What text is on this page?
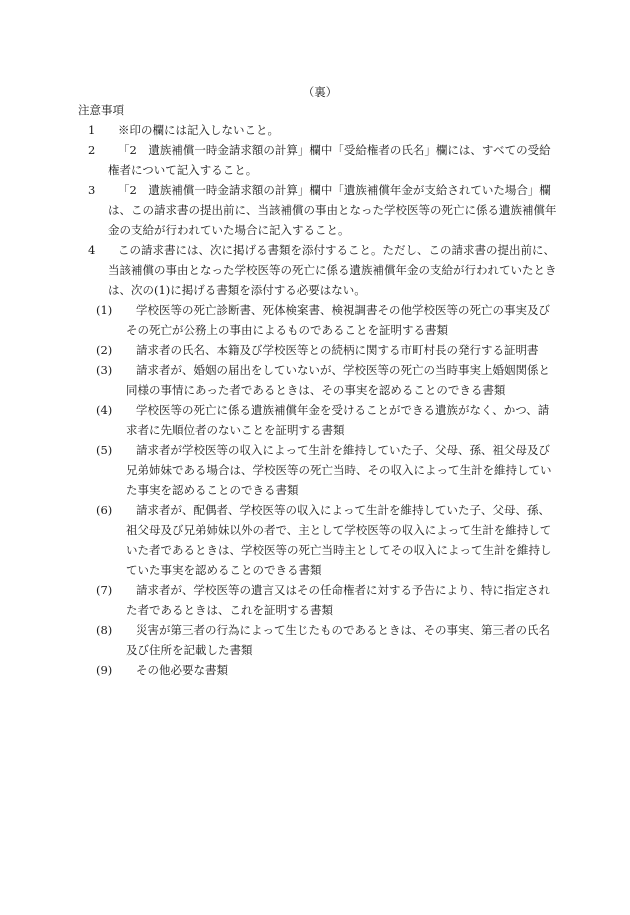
（裏）
注意事項
1	※印の欄には記入しないこと。
2	「2　遺族補償一時金請求額の計算」欄中「受給権者の氏名」欄には、すべての受給権者について記入すること。
3	「2　遺族補償一時金請求額の計算」欄中「遺族補償年金が支給されていた場合」欄は、この請求書の提出前に、当該補償の事由となった学校医等の死亡に係る遺族補償年金の支給が行われていた場合に記入すること。
4	この請求書には、次に掲げる書類を添付すること。ただし、この請求書の提出前に、当該補償の事由となった学校医等の死亡に係る遺族補償年金の支給が行われていたときは、次の(1)に掲げる書類を添付する必要はない。
(1)	学校医等の死亡診断書、死体検案書、検視調書その他学校医等の死亡の事実及びその死亡が公務上の事由によるものであることを証明する書類
(2)	請求者の氏名、本籍及び学校医等との続柄に関する市町村長の発行する証明書
(3)	請求者が、婚姻の届出をしていないが、学校医等の死亡の当時事実上婚姻関係と同様の事情にあった者であるときは、その事実を認めることのできる書類
(4)	学校医等の死亡に係る遺族補償年金を受けることができる遺族がなく、かつ、請求者に先順位者のないことを証明する書類
(5)	請求者が学校医等の収入によって生計を維持していた子、父母、孫、祖父母及び兄弟姉妹である場合は、学校医等の死亡当時、その収入によって生計を維持していた事実を認めることのできる書類
(6)	請求者が、配偶者、学校医等の収入によって生計を維持していた子、父母、孫、祖父母及び兄弟姉妹以外の者で、主として学校医等の収入によって生計を維持していた者であるときは、学校医等の死亡当時主としてその収入によって生計を維持していた事実を認めることのできる書類
(7)	請求者が、学校医等の遺言又はその任命権者に対する予告により、特に指定された者であるときは、これを証明する書類
(8)	災害が第三者の行為によって生じたものであるときは、その事実、第三者の氏名及び住所を記載した書類
(9)	その他必要な書類
